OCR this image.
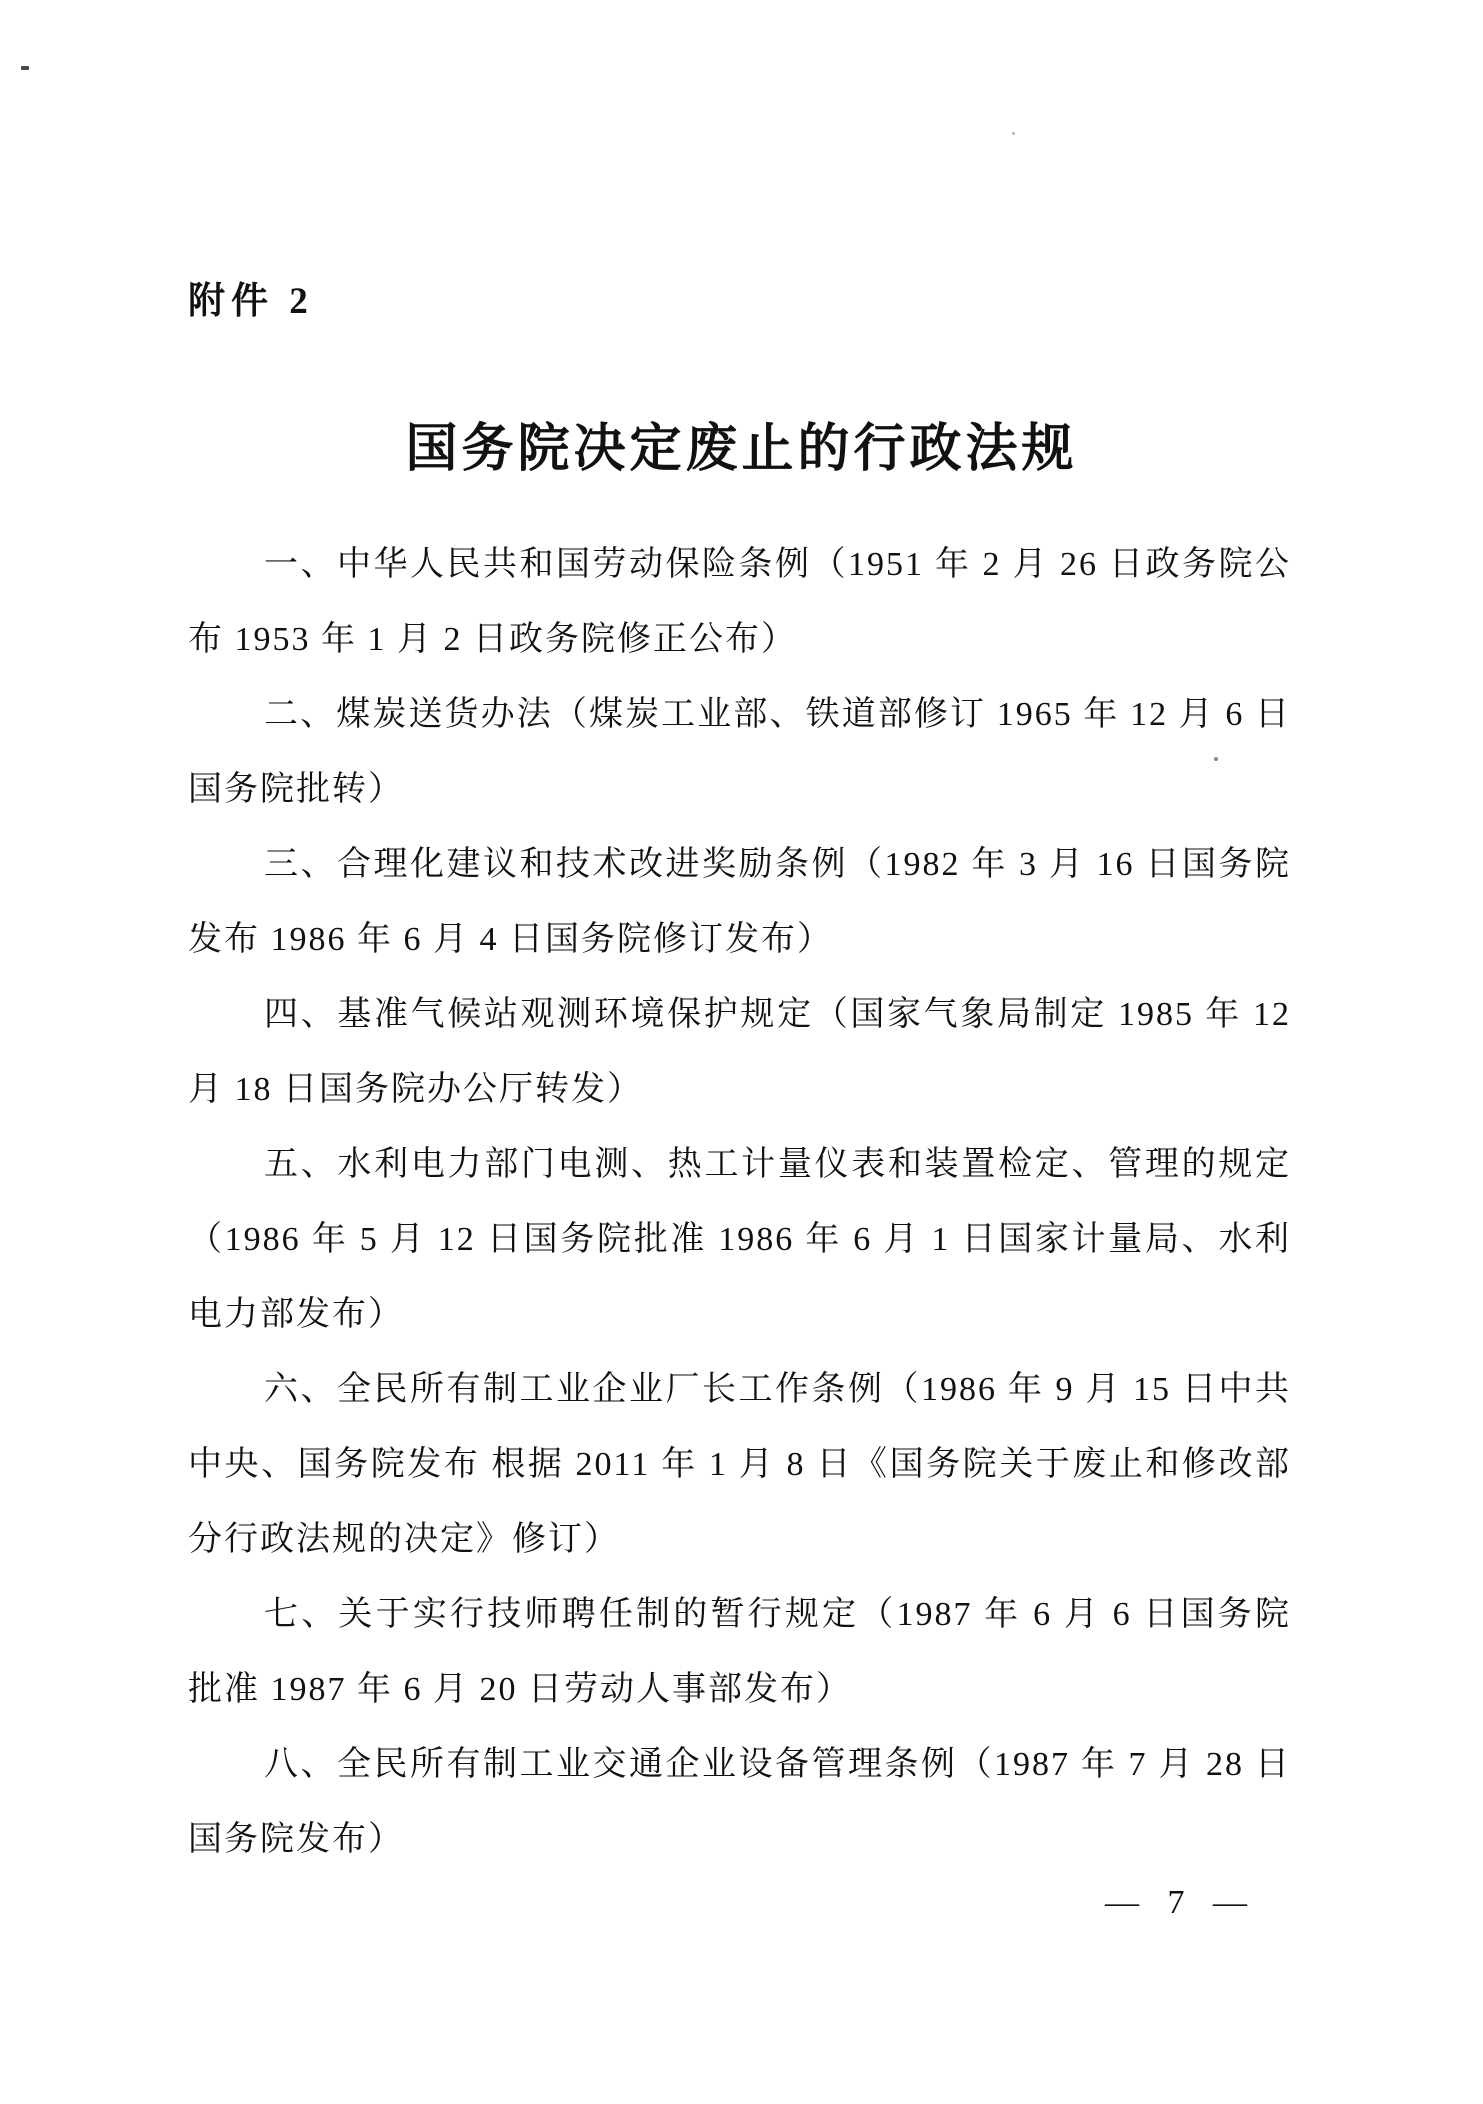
附件 2
国务院决定废止的行政法规

一、中华人民共和国劳动保险条例（1951 年 2 月 26 日政务院公布 1953 年 1 月 2 日政务院修正公布）

二、煤炭送货办法（煤炭工业部、铁道部修订 1965 年 12 月 6 日国务院批转）

三、合理化建议和技术改进奖励条例（1982 年 3 月 16 日国务院发布 1986 年 6 月 4 日国务院修订发布）

四、基准气候站观测环境保护规定（国家气象局制定 1985 年 12 月 18 日国务院办公厅转发）

五、水利电力部门电测、热工计量仪表和装置检定、管理的规定（1986 年 5 月 12 日国务院批准 1986 年 6 月 1 日国家计量局、水利电力部发布）

六、全民所有制工业企业厂长工作条例（1986 年 9 月 15 日中共中央、国务院发布 根据 2011 年 1 月 8 日《国务院关于废止和修改部分行政法规的决定》修订）

七、关于实行技师聘任制的暂行规定（1987 年 6 月 6 日国务院批准 1987 年 6 月 20 日劳动人事部发布）

八、全民所有制工业交通企业设备管理条例（1987 年 7 月 28 日国务院发布）

— 7 —
